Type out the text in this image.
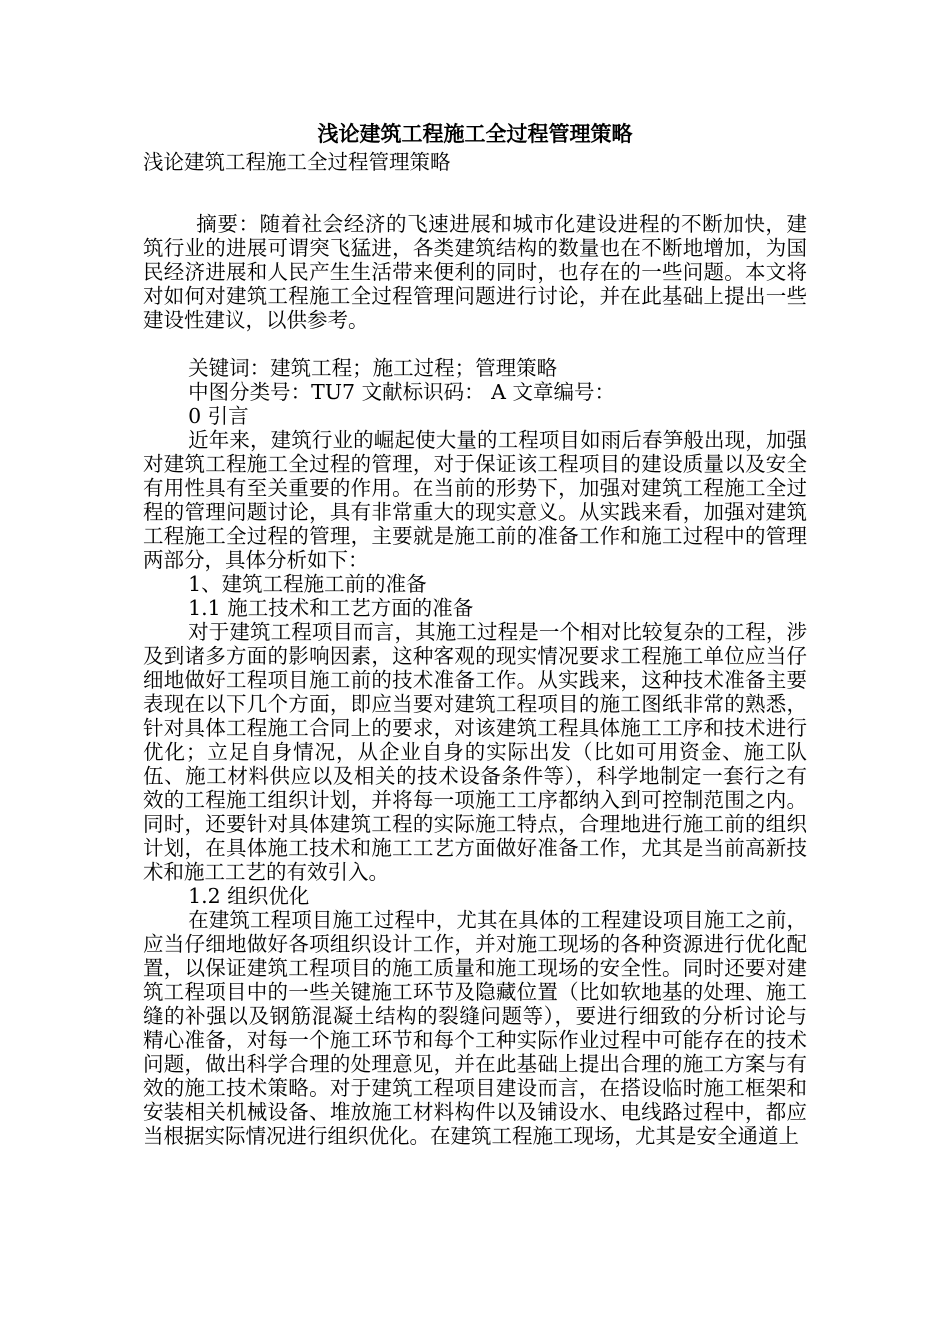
浅论建筑工程施工全过程管理策略

浅论建筑工程施工全过程管理策略

摘要：随着社会经济的飞速进展和城市化建设进程的不断加快，建筑行业的进展可谓突飞猛进，各类建筑结构的数量也在不断地增加，为国民经济进展和人民产生生活带来便利的同时，也存在的一些问题。本文将对如何对建筑工程施工全过程管理问题进行讨论，并在此基础上提出一些建设性建议，以供参考。

关键词：建筑工程；施工过程；管理策略

中图分类号：TU7 文献标识码： A 文章编号：

0 引言

近年来，建筑行业的崛起使大量的工程项目如雨后春笋般出现，加强对建筑工程施工全过程的管理，对于保证该工程项目的建设质量以及安全有用性具有至关重要的作用。在当前的形势下，加强对建筑工程施工全过程的管理问题讨论，具有非常重大的现实意义。从实践来看，加强对建筑工程施工全过程的管理，主要就是施工前的准备工作和施工过程中的管理两部分，具体分析如下：

1、建筑工程施工前的准备

1.1 施工技术和工艺方面的准备

对于建筑工程项目而言，其施工过程是一个相对比较复杂的工程，涉及到诸多方面的影响因素，这种客观的现实情况要求工程施工单位应当仔细地做好工程项目施工前的技术准备工作。从实践来，这种技术准备主要表现在以下几个方面，即应当要对建筑工程项目的施工图纸非常的熟悉，针对具体工程施工合同上的要求，对该建筑工程具体施工工序和技术进行优化；立足自身情况，从企业自身的实际出发（比如可用资金、施工队伍、施工材料供应以及相关的技术设备条件等），科学地制定一套行之有效的工程施工组织计划，并将每一项施工工序都纳入到可控制范围之内。同时，还要针对具体建筑工程的实际施工特点，合理地进行施工前的组织计划，在具体施工技术和施工工艺方面做好准备工作，尤其是当前高新技术和施工工艺的有效引入。

1.2 组织优化

在建筑工程项目施工过程中，尤其在具体的工程建设项目施工之前，应当仔细地做好各项组织设计工作，并对施工现场的各种资源进行优化配置，以保证建筑工程项目的施工质量和施工现场的安全性。同时还要对建筑工程项目中的一些关键施工环节及隐藏位置（比如软地基的处理、施工缝的补强以及钢筋混凝土结构的裂缝问题等），要进行细致的分析讨论与精心准备，对每一个施工环节和每个工种实际作业过程中可能存在的技术问题，做出科学合理的处理意见，并在此基础上提出合理的施工方案与有效的施工技术策略。对于建筑工程项目建设而言，在搭设临时施工框架和安装相关机械设备、堆放施工材料构件以及铺设水、电线路过程中，都应当根据实际情况进行组织优化。在建筑工程施工现场，尤其是安全通道上
